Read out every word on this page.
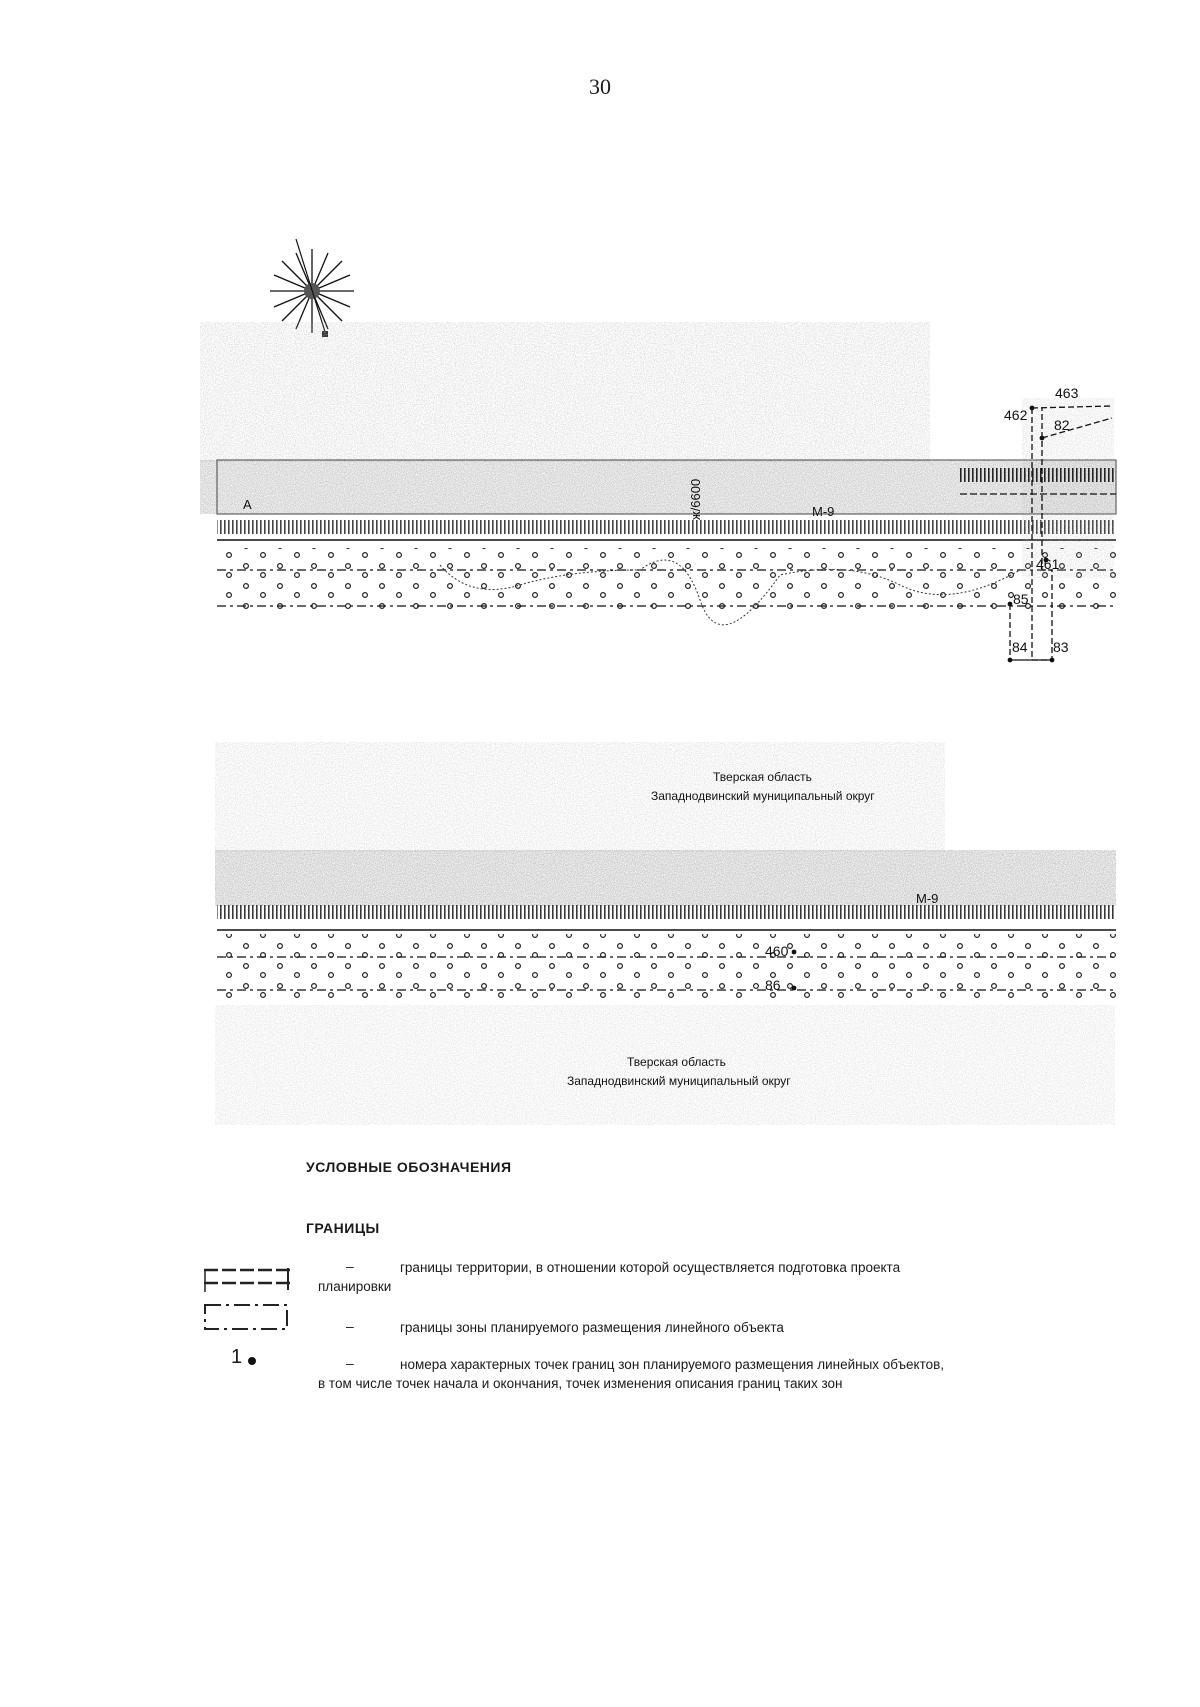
30
А	М-9
ж/6600
463
462
82
461
85
84 83
Тверская область
Западнодвинский муниципальный округ
М-9
460
86
Тверская область
Западнодвинский муниципальный округ
УСЛОВНЫЕ ОБОЗНАЧЕНИЯ
ГРАНИЦЫ
–	границы территории, в отношении которой осуществляется подготовка проекта
планировки
–	границы зоны планируемого размещения линейного объекта
1	–	номера характерных точек границ зон планируемого размещения линейных объектов,
в том числе точек начала и окончания, точек изменения описания границ таких зон
